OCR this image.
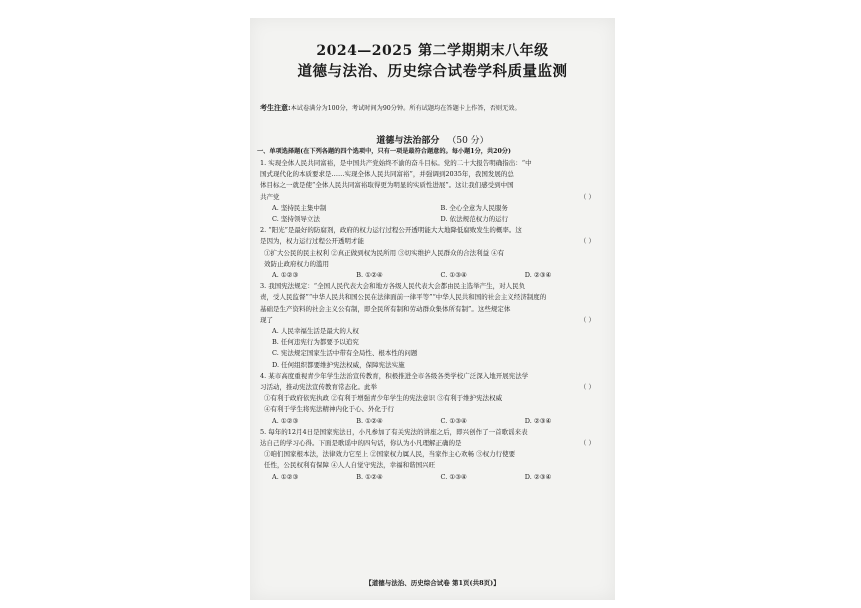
2024—2025 第二学期期末八年级
道德与法治、历史综合试卷学科质量监测
考生注意:本试卷满分为100分，考试时间为90分钟。所有试题均在答题卡上作答，否则无效。
道德与法治部分 （50 分）
一、单项选择题(在下列各题的四个选项中，只有一项是最符合题意的。每小题1分，共20分)
1. 实现全体人民共同富裕，是中国共产党始终不渝的奋斗目标。党的二十大报告明确指出：“中
国式现代化的本质要求是……实现全体人民共同富裕”，并强调到2035年，我国发展的总
体目标之一就是使“全体人民共同富裕取得更为明显的实质性进展”。这让我们感受到中国
共产党	（ ）
A. 坚持民主集中制	B. 全心全意为人民服务
C. 坚持领导立法	D. 依法规范权力的运行
2. “阳光”是最好的防腐剂，政府的权力运行过程公开透明能大大地降低腐败发生的概率。这
是因为，权力运行过程公开透明才能	（ ）
①扩大公民的民主权利 ②真正做到权为民所用 ③切实维护人民群众的合法利益 ④有
效防止政府权力的滥用
A. ①②③	B. ①②④	C. ①③④	D. ②③④
3. 我国宪法规定：“全国人民代表大会和地方各级人民代表大会都由民主选举产生，对人民负
责，受人民监督”“中华人民共和国公民在法律面前一律平等”“中华人民共和国的社会主义经济制度的
基础是生产资料的社会主义公有制，即全民所有制和劳动群众集体所有制”。这些规定体
现了	（ ）
A. 人民幸福生活是最大的人权
B. 任何违宪行为都要予以追究
C. 宪法规定国家生活中带有全局性、根本性的问题
D. 任何组织都要维护宪法权威，保障宪法实施
4. 某市高度重视青少年学生法治宣传教育，积极推进全市各级各类学校广泛深入地开展宪法学
习活动，推动宪法宣传教育常态化。此举	（ ）
①有利于政府依宪执政 ②有利于增强青少年学生的宪法意识 ③有利于维护宪法权威
④有利于学生将宪法精神内化于心、外化于行
A. ①②③	B. ①②④	C. ①③④	D. ②③④
5. 每年的12月4日是国家宪法日，小凡参加了有关宪法的讲座之后，即兴创作了一首歌谣来表
达自己的学习心得。下面是歌谣中的四句话，你认为小凡理解正确的是	（ ）
①咱们国家根本法，法律效力它至上 ②国家权力属人民，当家作主心欢畅 ③权力行使要
任性，公民权利有保障 ④人人自觉守宪法，幸福和谐国兴旺
A. ①②③	B. ①②④	C. ①③④	D. ②③④
【道德与法治、历史综合试卷 第1页(共8页)】
